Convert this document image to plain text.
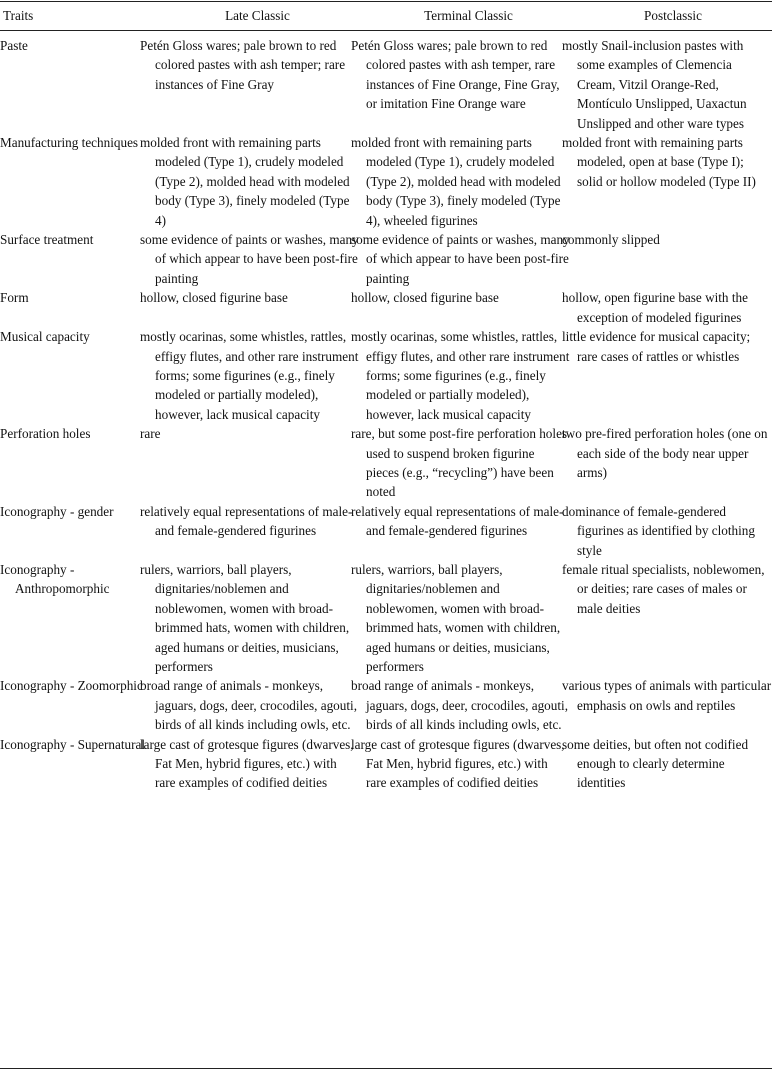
Traits	Late Classic	Terminal Classic	Postclassic
Paste	Petén Gloss wares; pale brown to red colored pastes with ash temper; rare instances of Fine Gray	Petén Gloss wares; pale brown to red colored pastes with ash temper, rare instances of Fine Orange, Fine Gray, or imitation Fine Orange ware	mostly Snail-inclusion pastes with some examples of Clemencia Cream, Vitzil Orange-Red, Montículo Unslipped, Uaxactun Unslipped and other ware types
Manufacturing techniques	molded front with remaining parts modeled (Type 1), crudely modeled (Type 2), molded head with modeled body (Type 3), finely modeled (Type 4)	molded front with remaining parts modeled (Type 1), crudely modeled (Type 2), molded head with modeled body (Type 3), finely modeled (Type 4), wheeled figurines	molded front with remaining parts modeled, open at base (Type I); solid or hollow modeled (Type II)
Surface treatment	some evidence of paints or washes, many of which appear to have been post-fire painting	some evidence of paints or washes, many of which appear to have been post-fire painting	commonly slipped
Form	hollow, closed figurine base	hollow, closed figurine base	hollow, open figurine base with the exception of modeled figurines
Musical capacity	mostly ocarinas, some whistles, rattles, effigy flutes, and other rare instrument forms; some figurines (e.g., finely modeled or partially modeled), however, lack musical capacity	mostly ocarinas, some whistles, rattles, effigy flutes, and other rare instrument forms; some figurines (e.g., finely modeled or partially modeled), however, lack musical capacity	little evidence for musical capacity; rare cases of rattles or whistles
Perforation holes	rare	rare, but some post-fire perforation holes used to suspend broken figurine pieces (e.g., “recycling”) have been noted	two pre-fired perforation holes (one on each side of the body near upper arms)
Iconography - gender	relatively equal representations of male- and female-gendered figurines	relatively equal representations of male- and female-gendered figurines	dominance of female-gendered figurines as identified by clothing style
Iconography - Anthropomorphic	rulers, warriors, ball players, dignitaries/noblemen and noblewomen, women with broad-brimmed hats, women with children, aged humans or deities, musicians, performers	rulers, warriors, ball players, dignitaries/noblemen and noblewomen, women with broad-brimmed hats, women with children, aged humans or deities, musicians, performers	female ritual specialists, noblewomen, or deities; rare cases of males or male deities
Iconography - Zoomorphic	broad range of animals - monkeys, jaguars, dogs, deer, crocodiles, agouti, birds of all kinds including owls, etc.	broad range of animals - monkeys, jaguars, dogs, deer, crocodiles, agouti, birds of all kinds including owls, etc.	various types of animals with particular emphasis on owls and reptiles
Iconography - Supernatural	large cast of grotesque figures (dwarves, Fat Men, hybrid figures, etc.) with rare examples of codified deities	large cast of grotesque figures (dwarves, Fat Men, hybrid figures, etc.) with rare examples of codified deities	some deities, but often not codified enough to clearly determine identities
